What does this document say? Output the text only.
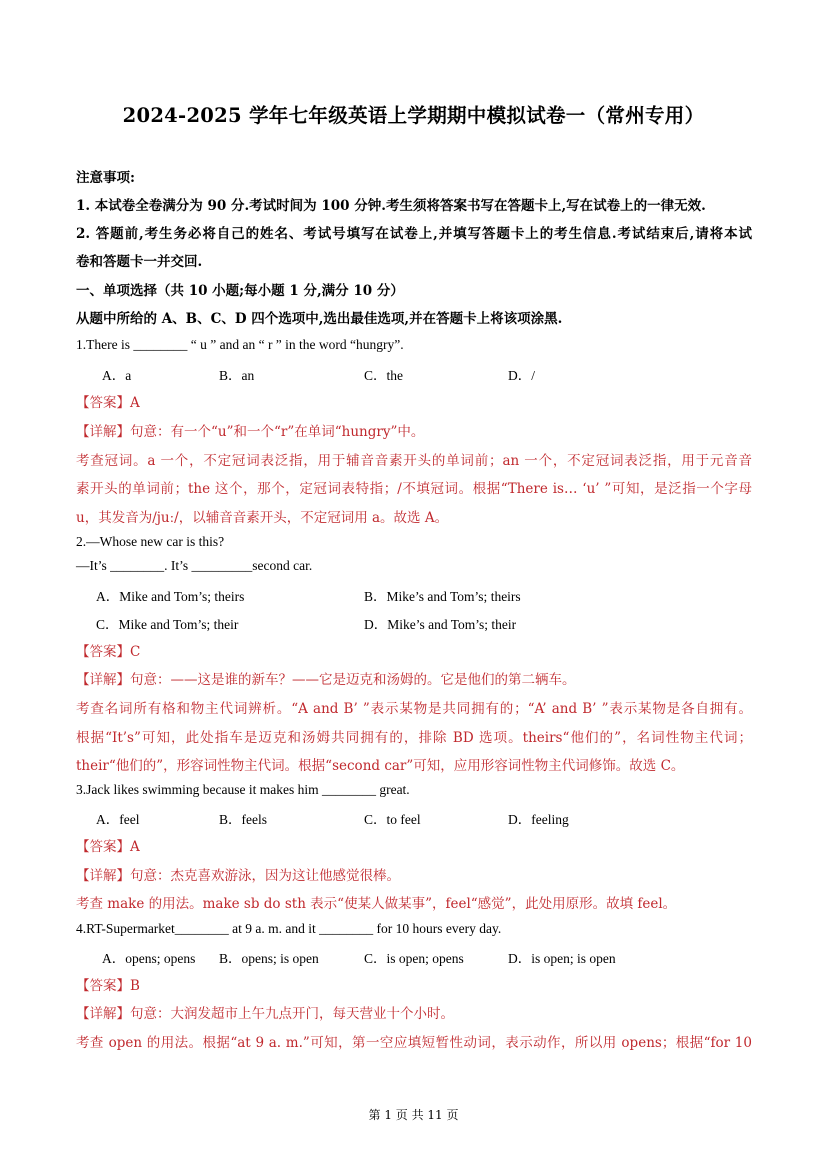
2024-2025 学年七年级英语上学期期中模拟试卷一（常州专用）
注意事项:
1. 本试卷全卷满分为 90 分.考试时间为 100 分钟.考生须将答案书写在答题卡上,写在试卷上的一律无效.
2. 答题前,考生务必将自己的姓名、考试号填写在试卷上,并填写答题卡上的考生信息.考试结束后,请将本试
卷和答题卡一并交回.
一、单项选择（共 10 小题;每小题 1 分,满分 10 分）
从题中所给的 A、B、C、D 四个选项中,选出最佳选项,并在答题卡上将该项涂黑.
1.There is ________ “ u ” and an “ r ” in the word “hungry”.
A．a	B．an	C．the	D．/
【答案】A
【详解】句意：有一个“u”和一个“r”在单词“hungry”中。
考查冠词。a 一个，不定冠词表泛指，用于辅音音素开头的单词前；an 一个，不定冠词表泛指，用于元音音
素开头的单词前；the 这个，那个，定冠词表特指；/不填冠词。根据“There is… ‘u’ ”可知，是泛指一个字母
u，其发音为/juː/，以辅音音素开头，不定冠词用 a。故选 A。
2.—Whose new car is this?
—It’s ________. It’s _________second car.
A．Mike and Tom’s; theirs	B．Mike’s and Tom’s; theirs
C．Mike and Tom’s; their	D．Mike’s and Tom’s; their
【答案】C
【详解】句意：——这是谁的新车？——它是迈克和汤姆的。它是他们的第二辆车。
考查名词所有格和物主代词辨析。“A and B’ ”表示某物是共同拥有的；“A’ and B’ ”表示某物是各自拥有。
根据“It’s”可知，此处指车是迈克和汤姆共同拥有的，排除 BD 选项。theirs“他们的”，名词性物主代词；
their“他们的”，形容词性物主代词。根据“second car”可知，应用形容词性物主代词修饰。故选 C。
3.Jack likes swimming because it makes him ________ great.
A．feel	B．feels	C．to feel	D．feeling
【答案】A
【详解】句意：杰克喜欢游泳，因为这让他感觉很棒。
考查 make 的用法。make sb do sth 表示“使某人做某事”，feel“感觉”，此处用原形。故填 feel。
4.RT-Supermarket________ at 9 a. m. and it ________ for 10 hours every day.
A．opens; opens B．opens; is open	C．is open; opens	D．is open; is open
【答案】B
【详解】句意：大润发超市上午九点开门，每天营业十个小时。
考查 open 的用法。根据“at 9 a. m.”可知，第一空应填短暂性动词，表示动作，所以用 opens；根据“for 10
第 1 页 共 11 页
